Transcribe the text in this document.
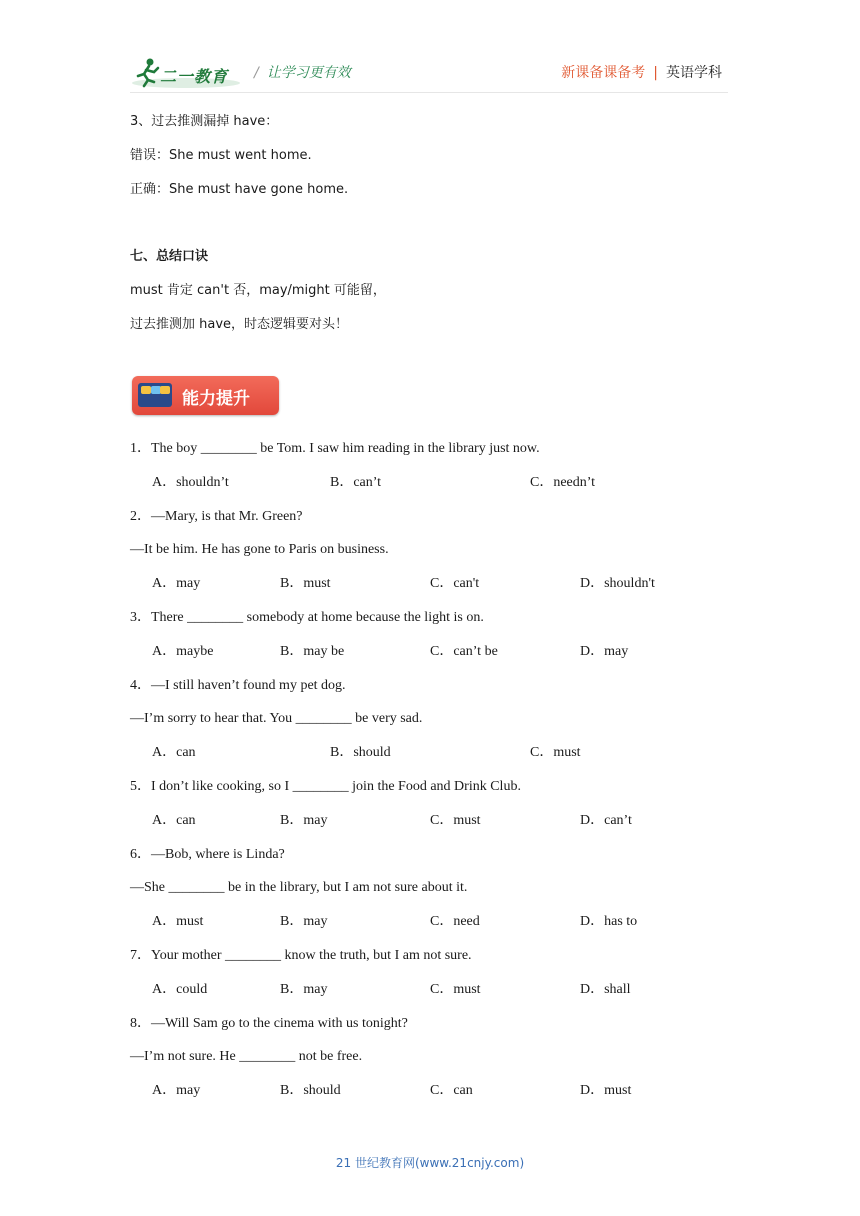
二一教育 / 让学习更有效	新课备课备考 | 英语学科
3、过去推测漏掉 have：
错误：She must went home.
正确：She must have gone home.
七、总结口诀
must 肯定 can't 否，may/might 可能留，
过去推测加 have，时态逻辑要对头！
能力提升
1．The boy ________ be Tom. I saw him reading in the library just now.
A．shouldn’t	B．can’t	C．needn’t
2．—Mary, is that Mr. Green?
—It be him. He has gone to Paris on business.
A．may	B．must	C．can't	D．shouldn't
3．There ________ somebody at home because the light is on.
A．maybe	B．may be	C．can’t be	D．may
4．—I still haven’t found my pet dog.
—I’m sorry to hear that. You ________ be very sad.
A．can	B．should	C．must
5．I don’t like cooking, so I ________ join the Food and Drink Club.
A．can	B．may	C．must	D．can’t
6．—Bob, where is Linda?
—She ________ be in the library, but I am not sure about it.
A．must	B．may	C．need	D．has to
7．Your mother ________ know the truth, but I am not sure.
A．could	B．may	C．must	D．shall
8．—Will Sam go to the cinema with us tonight?
—I’m not sure. He ________ not be free.
A．may	B．should	C．can	D．must
21 世纪教育网(www.21cnjy.com)
